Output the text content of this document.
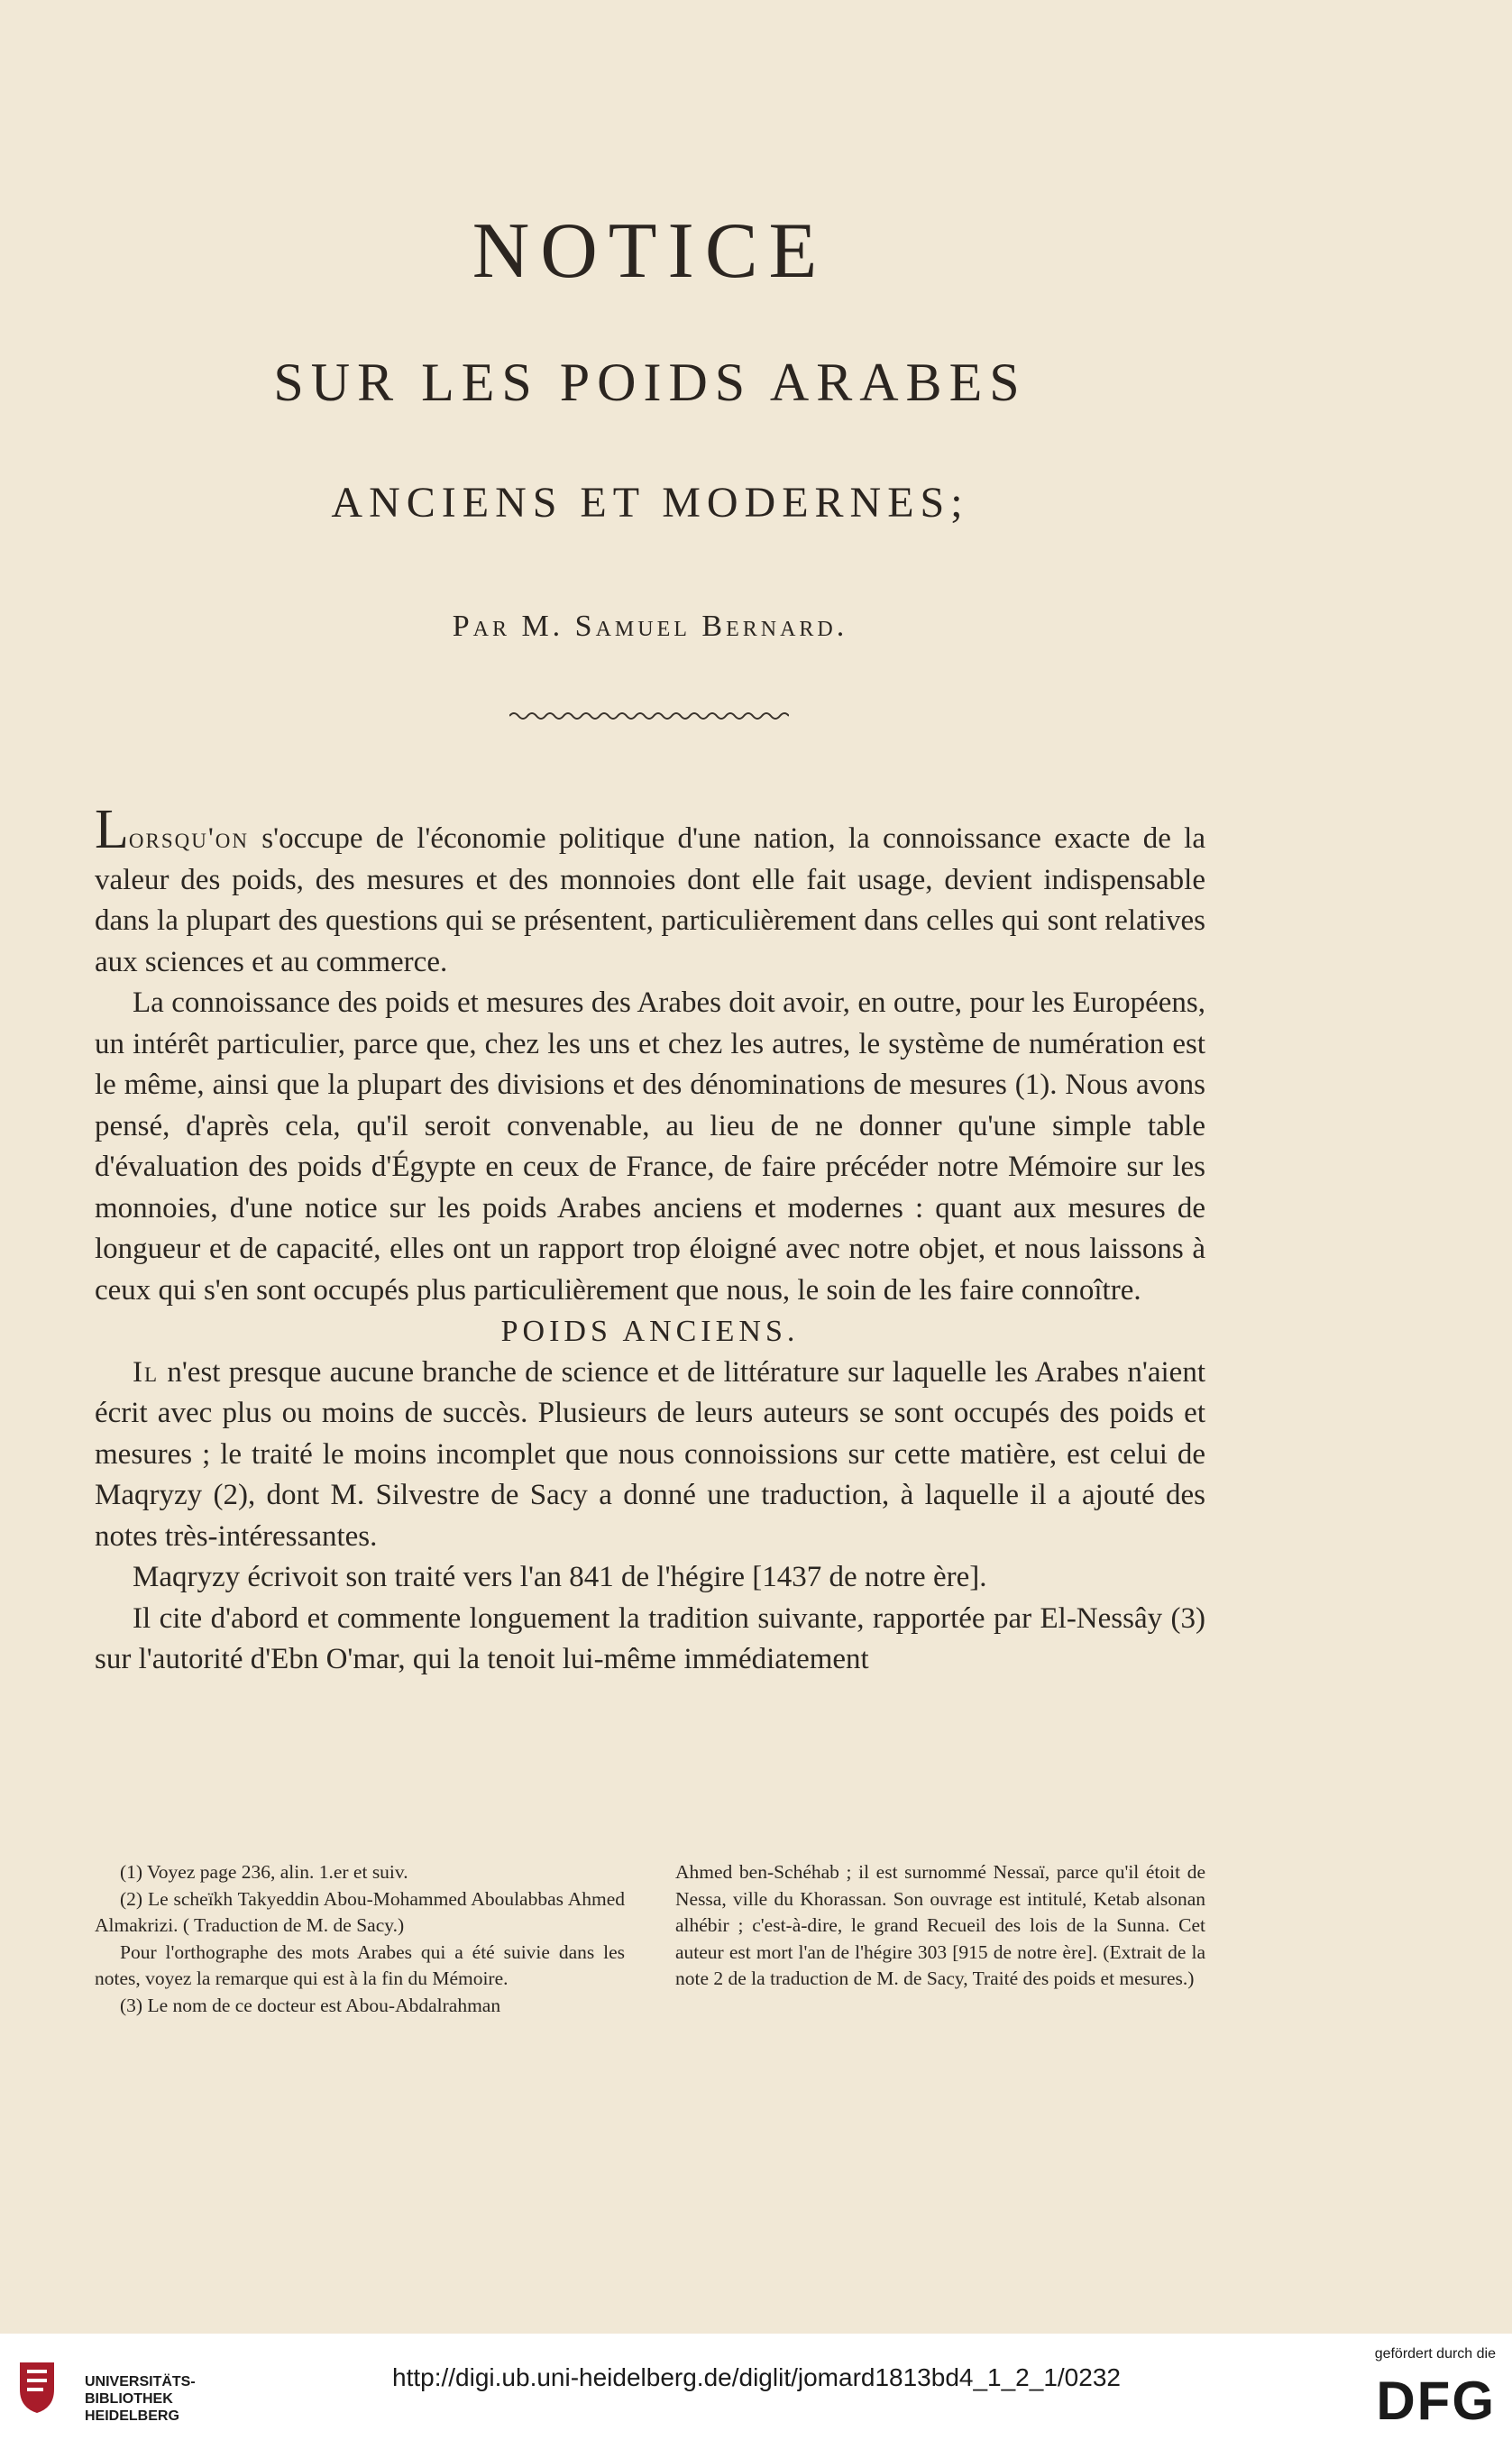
NOTICE
SUR LES POIDS ARABES
ANCIENS ET MODERNES;
Par M. Samuel Bernard.

Lorsqu'on s'occupe de l'économie politique d'une nation, la connoissance exacte de la valeur des poids, des mesures et des monnoies dont elle fait usage, devient indispensable dans la plupart des questions qui se présentent, particulièrement dans celles qui sont relatives aux sciences et au commerce.

La connoissance des poids et mesures des Arabes doit avoir, en outre, pour les Européens, un intérêt particulier, parce que, chez les uns et chez les autres, le système de numération est le même, ainsi que la plupart des divisions et des dénominations de mesures (1). Nous avons pensé, d'après cela, qu'il seroit convenable, au lieu de ne donner qu'une simple table d'évaluation des poids d'Égypte en ceux de France, de faire précéder notre Mémoire sur les monnoies, d'une notice sur les poids Arabes anciens et modernes : quant aux mesures de longueur et de capacité, elles ont un rapport trop éloigné avec notre objet, et nous laissons à ceux qui s'en sont occupés plus particulièrement que nous, le soin de les faire connoître.

POIDS ANCIENS.

Il n'est presque aucune branche de science et de littérature sur laquelle les Arabes n'aient écrit avec plus ou moins de succès. Plusieurs de leurs auteurs se sont occupés des poids et mesures ; le traité le moins incomplet que nous connoissions sur cette matière, est celui de Maqryzy (2), dont M. Silvestre de Sacy a donné une traduction, à laquelle il a ajouté des notes très-intéressantes.

Maqryzy écrivoit son traité vers l'an 841 de l'hégire [1437 de notre ère].

Il cite d'abord et commente longuement la tradition suivante, rapportée par El-Nessây (3) sur l'autorité d'Ebn O'mar, qui la tenoit lui-même immédiatement

(1) Voyez page 236, alin. 1.er et suiv.

(2) Le scheïkh Takyeddin Abou-Mohammed Aboulabbas Ahmed Almakrizi. ( Traduction de M. de Sacy.)

Pour l'orthographe des mots Arabes qui a été suivie dans les notes, voyez la remarque qui est à la fin du Mémoire.

(3) Le nom de ce docteur est Abou-Abdalrahman

Ahmed ben-Schéhab ; il est surnommé Nessaï, parce qu'il étoit de Nessa, ville du Khorassan. Son ouvrage est intitulé, Ketab alsonan alhébir ; c'est-à-dire, le grand Recueil des lois de la Sunna. Cet auteur est mort l'an de l'hégire 303 [915 de notre ère]. (Extrait de la note 2 de la traduction de M. de Sacy, Traité des poids et mesures.)

UNIVERSITÄTS-
BIBLIOTHEK
HEIDELBERG
http://digi.ub.uni-heidelberg.de/diglit/jomard1813bd4_1_2_1/0232
gefördert durch die
DFG
